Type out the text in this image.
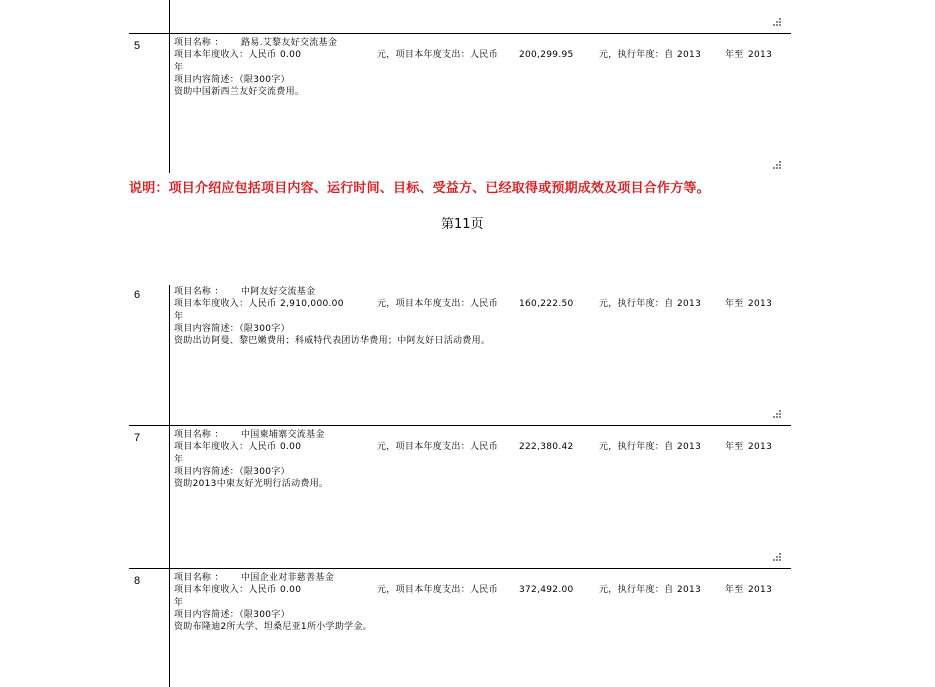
5	项目名称 ： 路易.艾黎友好交流基金
项目本年度收入：人民币 0.00	元，项目本年度支出：人民币 200,299.95	元，执行年度：自 2013	年至 2013
年
项目内容简述：（限300字）
资助中国新西兰友好交流费用。
说明：项目介绍应包括项目内容、运行时间、目标、受益方、已经取得或预期成效及项目合作方等。
第11页
6	项目名称 ： 中阿友好交流基金
项目本年度收入：人民币 2,910,000.00	元，项目本年度支出：人民币 160,222.50	元，执行年度：自 2013	年至 2013
年
项目内容简述：（限300字）
资助出访阿曼、黎巴嫩费用；科威特代表团访华费用；中阿友好日活动费用。
7	项目名称 ： 中国柬埔寨交流基金
项目本年度收入：人民币 0.00	元，项目本年度支出：人民币 222,380.42	元，执行年度：自 2013	年至 2013
年
项目内容简述：（限300字）
资助2013中柬友好光明行活动费用。
8	项目名称 ： 中国企业对非慈善基金
项目本年度收入：人民币 0.00	元，项目本年度支出：人民币 372,492.00	元，执行年度：自 2013	年至 2013
年
项目内容简述：（限300字）
资助布隆迪2所大学、坦桑尼亚1所小学助学金。
